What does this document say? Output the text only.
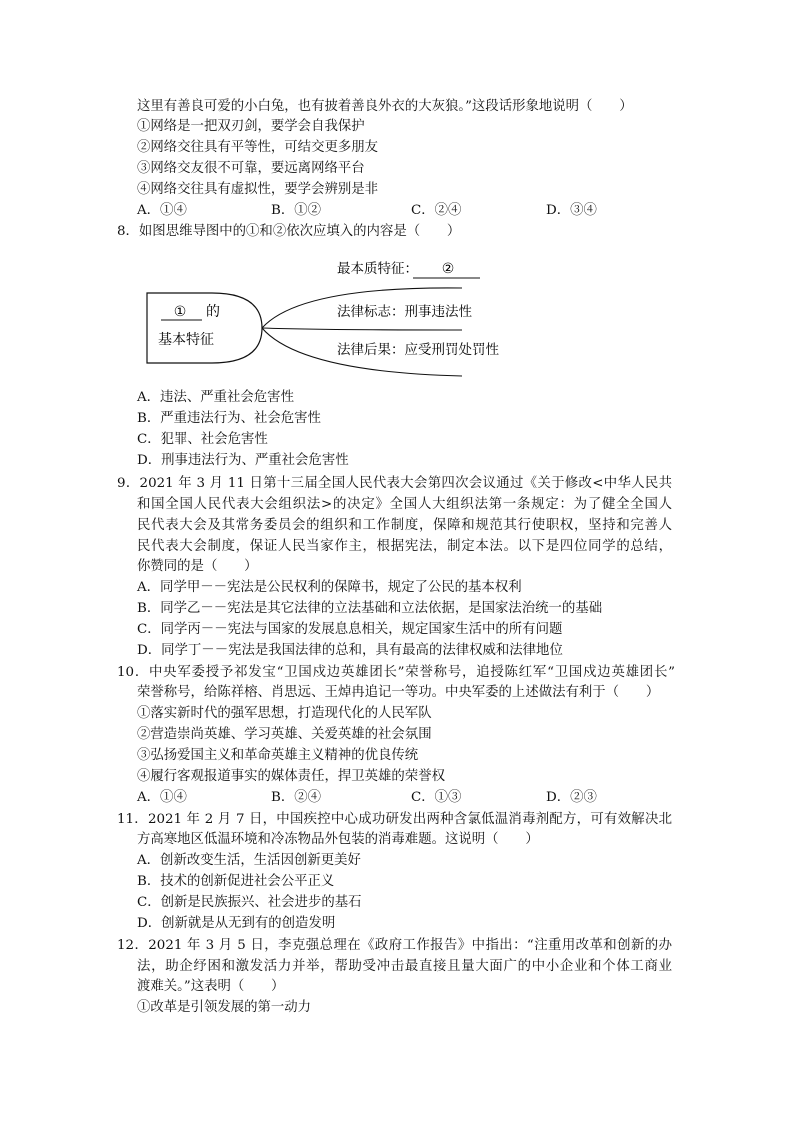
这里有善良可爱的小白兔，也有披着善良外衣的大灰狼。”这段话形象地说明（　　）
①网络是一把双刃剑，要学会自我保护
②网络交往具有平等性，可结交更多朋友
③网络交友很不可靠，要远离网络平台
④网络交往具有虚拟性，要学会辨别是非
A．①④	B．①②	C．②④	D．③④
8．如图思维导图中的①和②依次应填入的内容是（　　）
① 的
基本特征
最本质特征： ②
法律标志：刑事违法性
法律后果：应受刑罚处罚性
A．违法、严重社会危害性
B．严重违法行为、社会危害性
C．犯罪、社会危害性
D．刑事违法行为、严重社会危害性
9．2021 年 3 月 11 日第十三届全国人民代表大会第四次会议通过《关于修改<中华人民共
和国全国人民代表大会组织法>的决定》全国人大组织法第一条规定：为了健全全国人
民代表大会及其常务委员会的组织和工作制度，保障和规范其行使职权，坚持和完善人
民代表大会制度，保证人民当家作主，根据宪法，制定本法。以下是四位同学的总结，
你赞同的是（　　）
A．同学甲－－宪法是公民权利的保障书，规定了公民的基本权利
B．同学乙－－宪法是其它法律的立法基础和立法依据，是国家法治统一的基础
C．同学丙－－宪法与国家的发展息息相关，规定国家生活中的所有问题
D．同学丁－－宪法是我国法律的总和，具有最高的法律权威和法律地位
10．中央军委授予祁发宝“卫国戍边英雄团长”荣誉称号，追授陈红军“卫国戍边英雄团长”
荣誉称号，给陈祥榕、肖思远、王焯冉追记一等功。中央军委的上述做法有利于（　　）
①落实新时代的强军思想，打造现代化的人民军队
②营造崇尚英雄、学习英雄、关爱英雄的社会氛围
③弘扬爱国主义和革命英雄主义精神的优良传统
④履行客观报道事实的媒体责任，捍卫英雄的荣誉权
A．①④	B．②④	C．①③	D．②③
11．2021 年 2 月 7 日，中国疾控中心成功研发出两种含氯低温消毒剂配方，可有效解决北
方高寒地区低温环境和冷冻物品外包装的消毒难题。这说明（　　）
A．创新改变生活，生活因创新更美好
B．技术的创新促进社会公平正义
C．创新是民族振兴、社会进步的基石
D．创新就是从无到有的创造发明
12．2021 年 3 月 5 日，李克强总理在《政府工作报告》中指出：“注重用改革和创新的办
法，助企纾困和激发活力并举，帮助受冲击最直接且量大面广的中小企业和个体工商业
渡难关。”这表明（　　）
①改革是引领发展的第一动力
